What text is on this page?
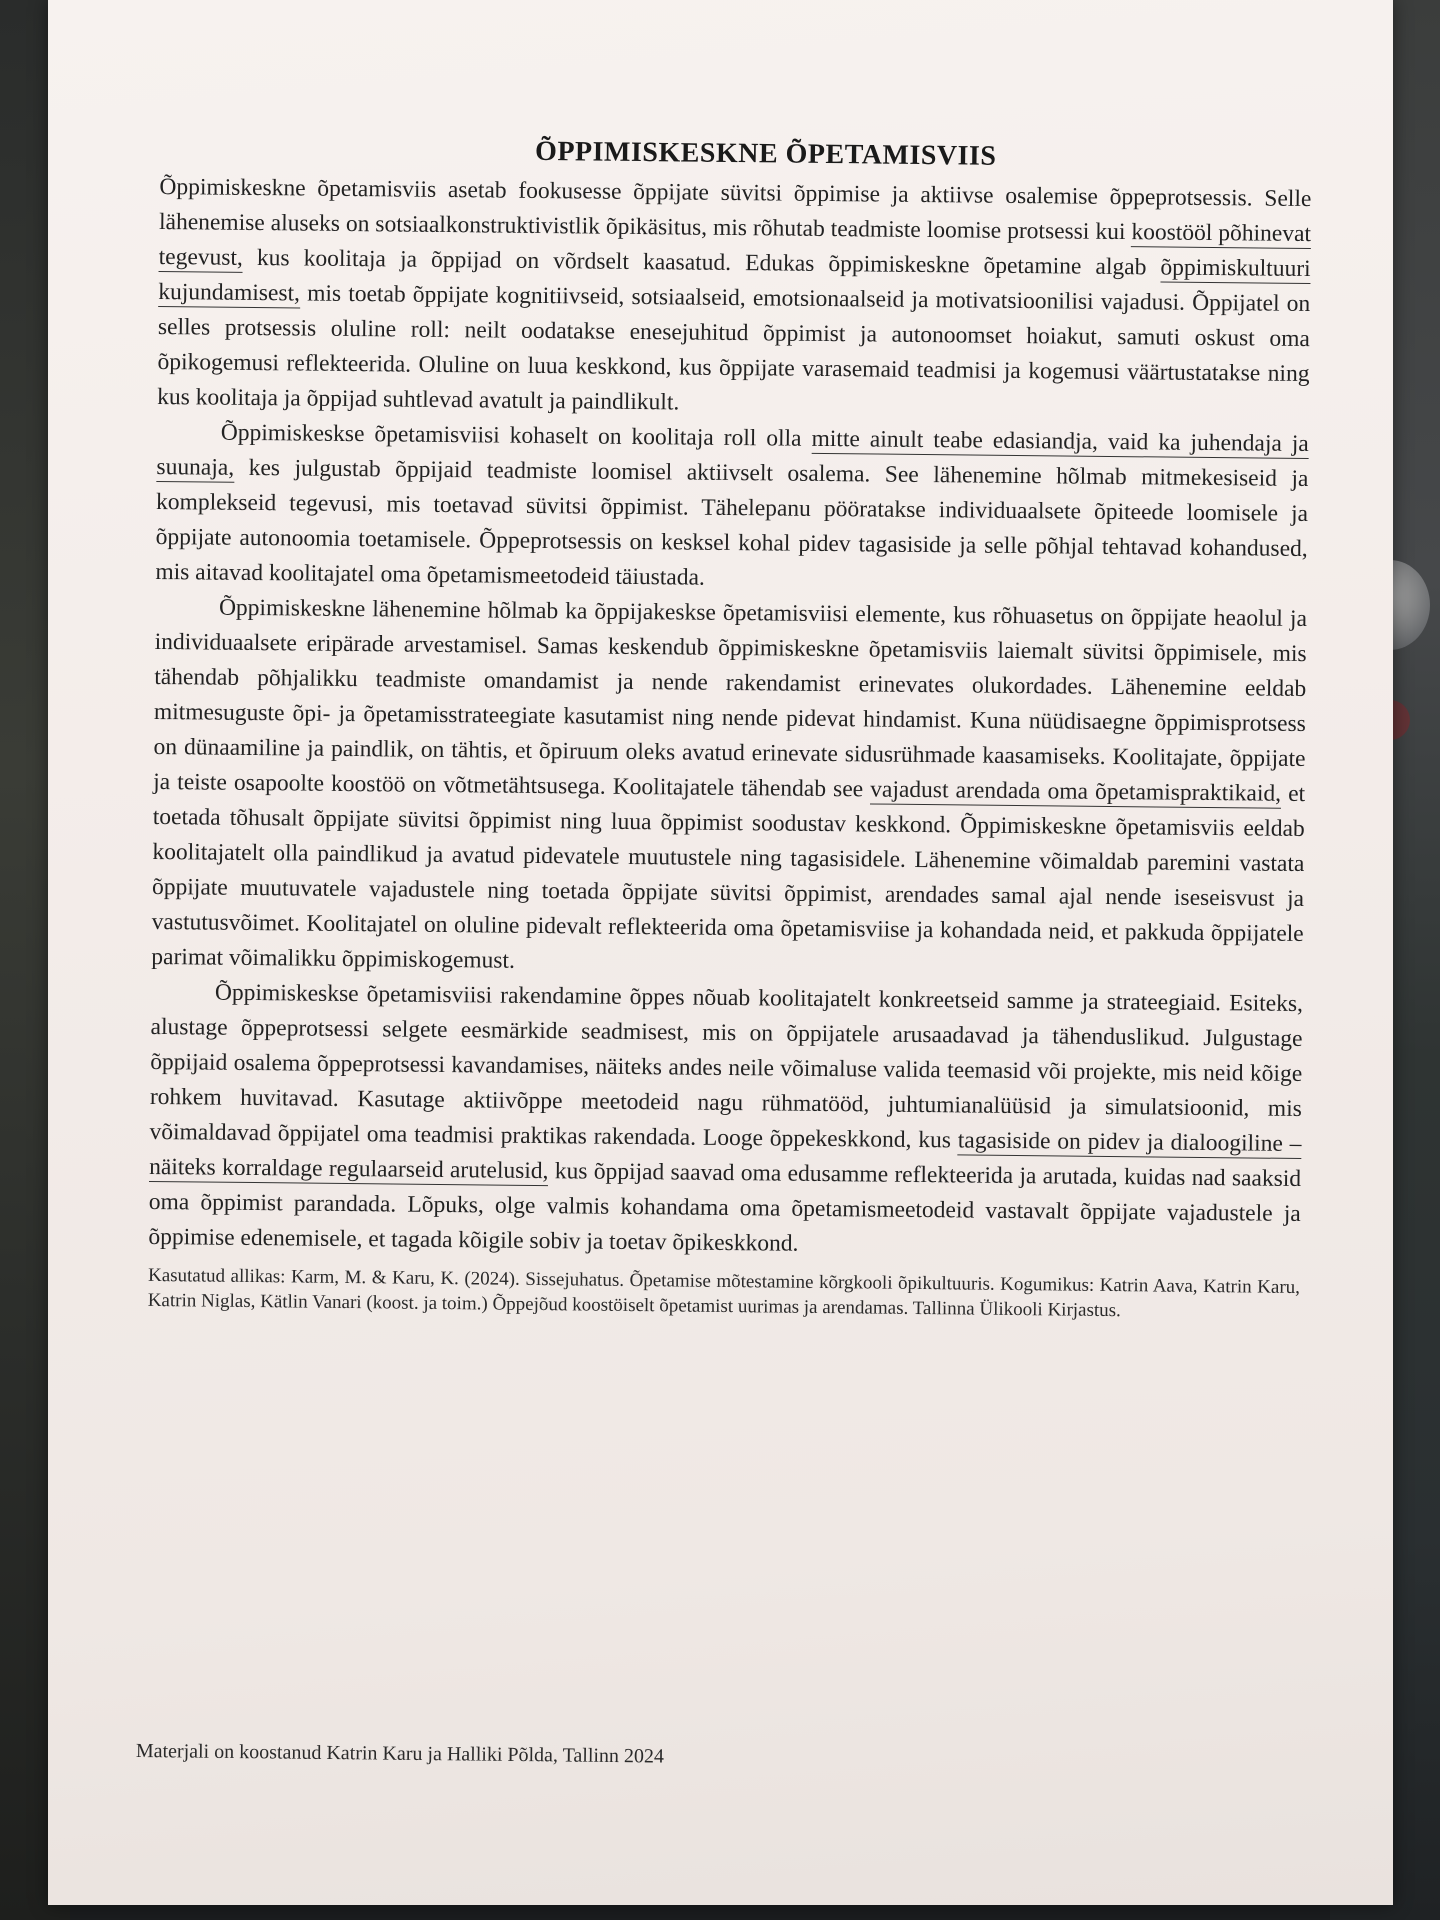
ÕPPIMISKESKNE ÕPETAMISVIIS

Õppimiskeskne õpetamisviis asetab fookusesse õppijate süvitsi õppimise ja aktiivse osalemise õppeprotsessis. Selle lähenemise aluseks on sotsiaalkonstruktivistlik õpikäsitus, mis rõhutab teadmiste loomise protsessi kui koostööl põhinevat tegevust, kus koolitaja ja õppijad on võrdselt kaasatud. Edukas õppimiskeskne õpetamine algab õppimiskultuuri kujundamisest, mis toetab õppijate kognitiivseid, sotsiaalseid, emotsionaalseid ja motivatsioonilisi vajadusi. Õppijatel on selles protsessis oluline roll: neilt oodatakse enesejuhitud õppimist ja autonoomset hoiakut, samuti oskust oma õpikogemusi reflekteerida. Oluline on luua keskkond, kus õppijate varasemaid teadmisi ja kogemusi väärtustatakse ning kus koolitaja ja õppijad suhtlevad avatult ja paindlikult.

Õppimiskeskse õpetamisviisi kohaselt on koolitaja roll olla mitte ainult teabe edasiandja, vaid ka juhendaja ja suunaja, kes julgustab õppijaid teadmiste loomisel aktiivselt osalema. See lähenemine hõlmab mitmekesiseid ja komplekseid tegevusi, mis toetavad süvitsi õppimist. Tähelepanu pööratakse individuaalsete õpiteede loomisele ja õppijate autonoomia toetamisele. Õppeprotsessis on kesksel kohal pidev tagasiside ja selle põhjal tehtavad kohandused, mis aitavad koolitajatel oma õpetamismeetodeid täiustada.

Õppimiskeskne lähenemine hõlmab ka õppijakeskse õpetamisviisi elemente, kus rõhuasetus on õppijate heaolul ja individuaalsete eripärade arvestamisel. Samas keskendub õppimiskeskne õpetamisviis laiemalt süvitsi õppimisele, mis tähendab põhjalikku teadmiste omandamist ja nende rakendamist erinevates olukordades. Lähenemine eeldab mitmesuguste õpi- ja õpetamisstrateegiate kasutamist ning nende pidevat hindamist. Kuna nüüdisaegne õppimisprotsess on dünaamiline ja paindlik, on tähtis, et õpiruum oleks avatud erinevate sidusrühmade kaasamiseks. Koolitajate, õppijate ja teiste osapoolte koostöö on võtmetähtsusega. Koolitajatele tähendab see vajadust arendada oma õpetamispraktikaid, et toetada tõhusalt õppijate süvitsi õppimist ning luua õppimist soodustav keskkond. Õppimiskeskne õpetamisviis eeldab koolitajatelt olla paindlikud ja avatud pidevatele muutustele ning tagasisidele. Lähenemine võimaldab paremini vastata õppijate muutuvatele vajadustele ning toetada õppijate süvitsi õppimist, arendades samal ajal nende iseseisvust ja vastutusvõimet. Koolitajatel on oluline pidevalt reflekteerida oma õpetamisviise ja kohandada neid, et pakkuda õppijatele parimat võimalikku õppimiskogemust.

Õppimiskeskse õpetamisviisi rakendamine õppes nõuab koolitajatelt konkreetseid samme ja strateegiaid. Esiteks, alustage õppeprotsessi selgete eesmärkide seadmisest, mis on õppijatele arusaadavad ja tähenduslikud. Julgustage õppijaid osalema õppeprotsessi kavandamises, näiteks andes neile võimaluse valida teemasid või projekte, mis neid kõige rohkem huvitavad. Kasutage aktiivõppe meetodeid nagu rühmatööd, juhtumianalüüsid ja simulatsioonid, mis võimaldavad õppijatel oma teadmisi praktikas rakendada. Looge õppekeskkond, kus tagasiside on pidev ja dialoogiline – näiteks korraldage regulaarseid arutelusid, kus õppijad saavad oma edusamme reflekteerida ja arutada, kuidas nad saaksid oma õppimist parandada. Lõpuks, olge valmis kohandama oma õpetamismeetodeid vastavalt õppijate vajadustele ja õppimise edenemisele, et tagada kõigile sobiv ja toetav õpikeskkond.

Kasutatud allikas: Karm, M. & Karu, K. (2024). Sissejuhatus. Õpetamise mõtestamine kõrgkooli õpikultuuris. Kogumikus: Katrin Aava, Katrin Karu, Katrin Niglas, Kätlin Vanari (koost. ja toim.) Õppejõud koostöiselt õpetamist uurimas ja arendamas. Tallinna Ülikooli Kirjastus.

Materjali on koostanud Katrin Karu ja Halliki Põlda, Tallinn 2024
